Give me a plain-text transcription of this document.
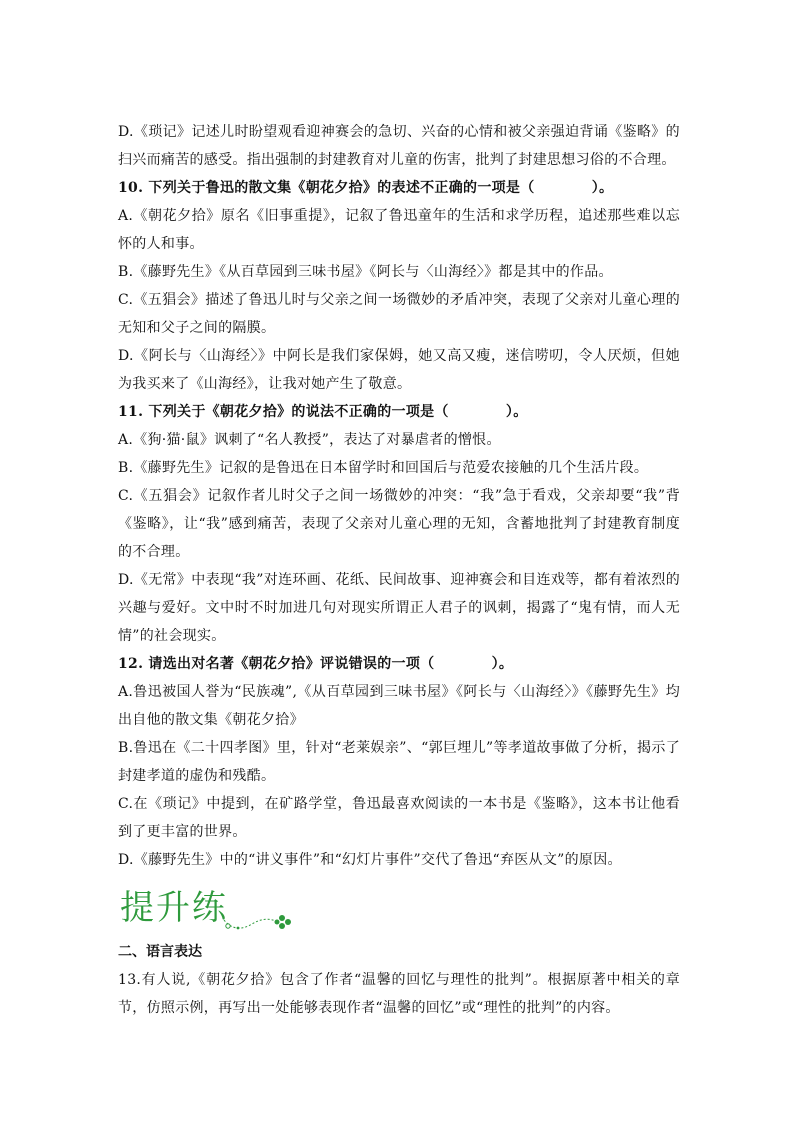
D.《琐记》记述儿时盼望观看迎神赛会的急切、兴奋的心情和被父亲强迫背诵《鉴略》的扫兴而痛苦的感受。指出强制的封建教育对儿童的伤害，批判了封建思想习俗的不合理。

10. 下列关于鲁迅的散文集《朝花夕拾》的表述不正确的一项是（　　　　）。

A.《朝花夕拾》原名《旧事重提》，记叙了鲁迅童年的生活和求学历程，追述那些难以忘怀的人和事。

B.《藤野先生》《从百草园到三味书屋》《阿长与〈山海经〉》都是其中的作品。

C.《五猖会》描述了鲁迅儿时与父亲之间一场微妙的矛盾冲突，表现了父亲对儿童心理的无知和父子之间的隔膜。

D.《阿长与〈山海经〉》中阿长是我们家保姆，她又高又瘦，迷信唠叨，令人厌烦，但她为我买来了《山海经》，让我对她产生了敬意。

11. 下列关于《朝花夕拾》的说法不正确的一项是（　　　　）。

A.《狗·猫·鼠》讽刺了“名人教授”，表达了对暴虐者的憎恨。

B.《藤野先生》记叙的是鲁迅在日本留学时和回国后与范爱农接触的几个生活片段。

C.《五猖会》记叙作者儿时父子之间一场微妙的冲突：“我”急于看戏，父亲却要“我”背《鉴略》，让“我”感到痛苦，表现了父亲对儿童心理的无知，含蓄地批判了封建教育制度的不合理。

D.《无常》中表现“我”对连环画、花纸、民间故事、迎神赛会和目连戏等，都有着浓烈的兴趣与爱好。文中时不时加进几句对现实所谓正人君子的讽刺，揭露了“鬼有情，而人无情”的社会现实。

12. 请选出对名著《朝花夕拾》评说错误的一项（　　　　）。

A.鲁迅被国人誉为“民族魂”,《从百草园到三味书屋》《阿长与〈山海经〉》《藤野先生》均出自他的散文集《朝花夕拾》

B.鲁迅在《二十四孝图》里，针对“老莱娱亲”、“郭巨埋儿”等孝道故事做了分析，揭示了封建孝道的虚伪和残酷。

C.在《琐记》中提到，在矿路学堂，鲁迅最喜欢阅读的一本书是《鉴略》，这本书让他看到了更丰富的世界。

D.《藤野先生》中的“讲义事件”和“幻灯片事件”交代了鲁迅“弃医从文”的原因。

提升练

二、语言表达

13.有人说,《朝花夕拾》包含了作者“温馨的回忆与理性的批判”。根据原著中相关的章节，仿照示例，再写出一处能够表现作者“温馨的回忆”或“理性的批判”的内容。
